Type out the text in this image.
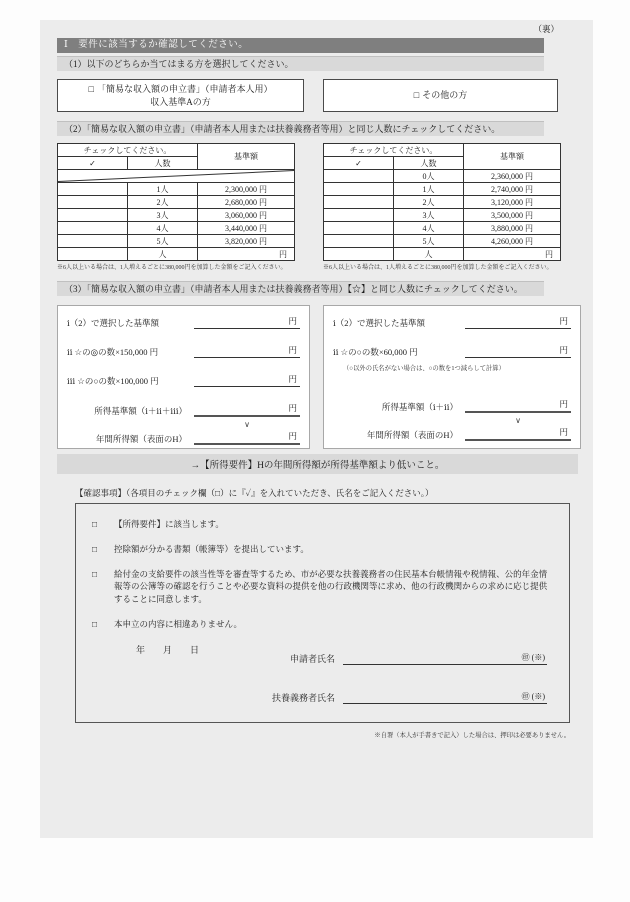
（裏）
Ⅰ　要件に該当するか確認してください。
（1）以下のどちらか当てはまる方を選択してください。
□ 「簡易な収入額の申立書」（申請者本人用）
収入基準Aの方
□ その他の方
（2）「簡易な収入額の申立書」（申請者本人用または扶養義務者等用）と同じ人数にチェックしてください。
チェックしてください。		基準額
✓	人数	

	1人	2,300,000 円
	2人	2,680,000 円
	3人	3,060,000 円
	4人	3,440,000 円
	5人	3,820,000 円
	人	円
※6人以上いる場合は、1人増えるごとに380,000円を加算した金額をご記入ください。
チェックしてください。		基準額
✓	人数	
	0人	2,360,000 円
	1人	2,740,000 円
	2人	3,120,000 円
	3人	3,500,000 円
	4人	3,880,000 円
	5人	4,260,000 円
	人	円
※6人以上いる場合は、1人増えるごとに380,000円を加算した金額をご記入ください。
（3）「簡易な収入額の申立書」（申請者本人用または扶養義務者等用）【☆】と同じ人数にチェックしてください。
ⅰ（2）で選択した基準額	円
ⅱ ☆の◎の数×150,000 円	円
ⅲ ☆の○の数×100,000 円	円
所得基準額（ⅰ＋ⅱ＋ⅲ）	円
∨
年間所得額（表面のH）	円
ⅰ（2）で選択した基準額	円
ⅱ ☆の○の数×60,000 円	円
（○以外の氏名がない場合は、○の数を1つ減らして計算）
所得基準額（ⅰ＋ⅱ）	円
∨
年間所得額（表面のH）	円
→【所得要件】Hの年間所得額が所得基準額より低いこと。
【確認事項】（各項目のチェック欄（□）に『✓』を入れていただき、氏名をご記入ください。）
□	【所得要件】に該当します。
□	控除額が分かる書類（帳簿等）を提出しています。
□	給付金の支給要件の該当性等を審査等するため、市が必要な扶養義務者の住民基本台帳情報や税情報、公的年金情報等の公簿等の確認を行うことや必要な資料の提供を他の行政機関等に求め、他の行政機関からの求めに応じ提供することに同意します。
□	本申立の内容に相違ありません。
年　　月　　日
申請者氏名	㊞ (※)
扶養義務者氏名	㊞ (※)
※自署（本人が手書きで記入）した場合は、押印は必要ありません。
